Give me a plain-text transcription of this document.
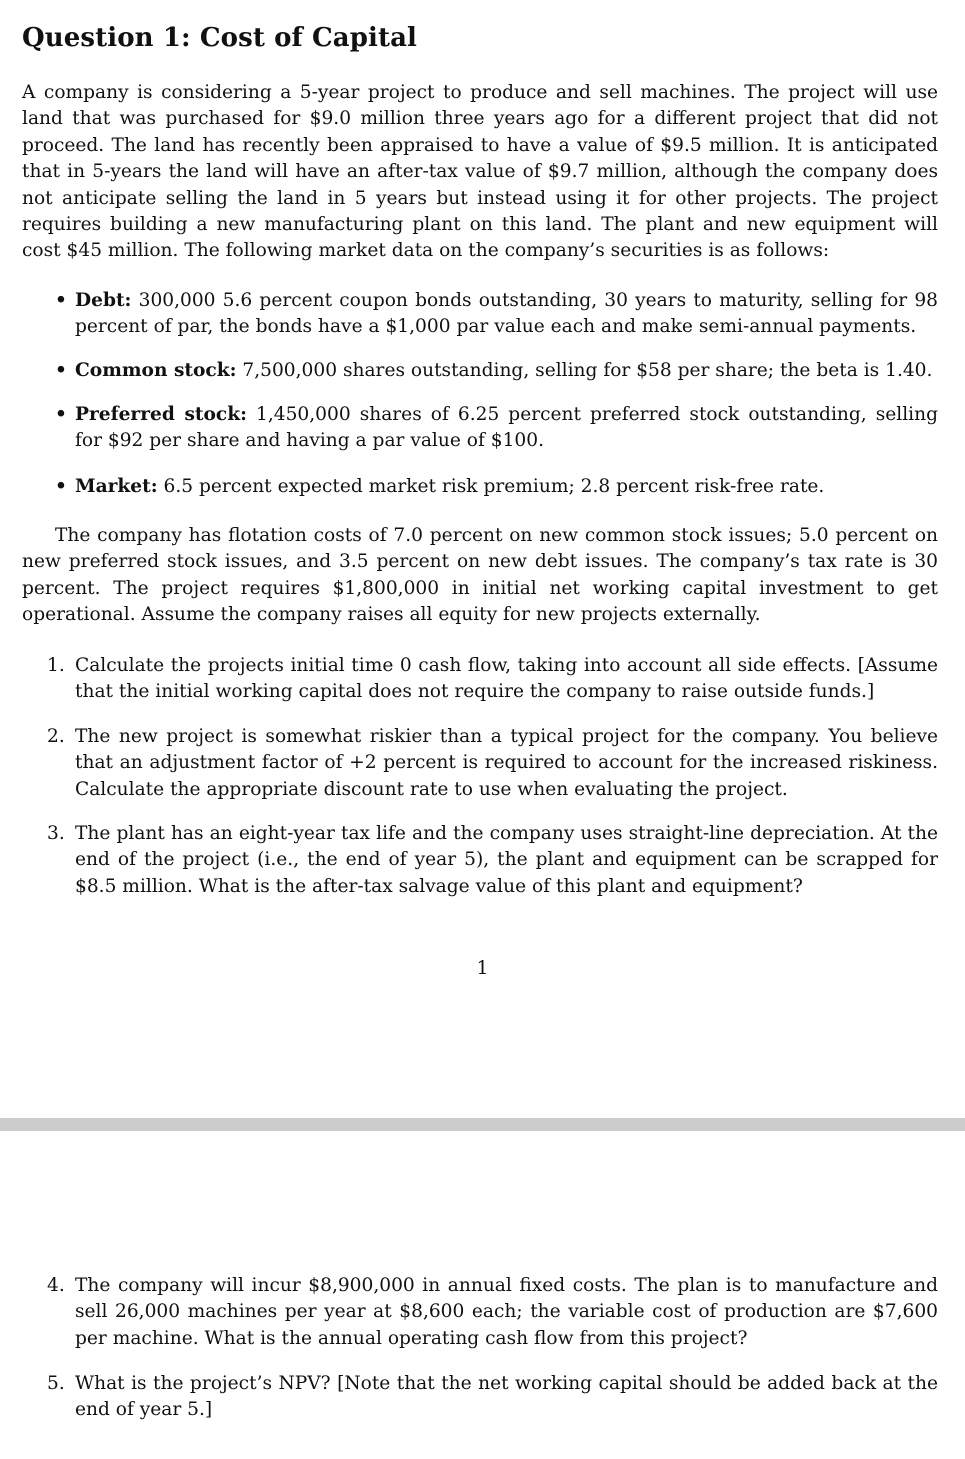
Question 1: Cost of Capital

A company is considering a 5-year project to produce and sell machines. The project will use land that was purchased for $9.0 million three years ago for a different project that did not proceed. The land has recently been appraised to have a value of $9.5 million. It is anticipated that in 5-years the land will have an after-tax value of $9.7 million, although the company does not anticipate selling the land in 5 years but instead using it for other projects. The project requires building a new manufacturing plant on this land. The plant and new equipment will cost $45 million. The following market data on the company’s securities is as follows:

• Debt: 300,000 5.6 percent coupon bonds outstanding, 30 years to maturity, selling for 98 percent of par, the bonds have a $1,000 par value each and make semi-annual payments.
• Common stock: 7,500,000 shares outstanding, selling for $58 per share; the beta is 1.40.
• Preferred stock: 1,450,000 shares of 6.25 percent preferred stock outstanding, selling for $92 per share and having a par value of $100.
• Market: 6.5 percent expected market risk premium; 2.8 percent risk-free rate.

The company has flotation costs of 7.0 percent on new common stock issues; 5.0 percent on new preferred stock issues, and 3.5 percent on new debt issues. The company’s tax rate is 30 percent. The project requires $1,800,000 in initial net working capital investment to get operational. Assume the company raises all equity for new projects externally.

1. Calculate the projects initial time 0 cash flow, taking into account all side effects. [Assume that the initial working capital does not require the company to raise outside funds.]
2. The new project is somewhat riskier than a typical project for the company. You believe that an adjustment factor of +2 percent is required to account for the increased riskiness. Calculate the appropriate discount rate to use when evaluating the project.
3. The plant has an eight-year tax life and the company uses straight-line depreciation. At the end of the project (i.e., the end of year 5), the plant and equipment can be scrapped for $8.5 million. What is the after-tax salvage value of this plant and equipment?
1
4. The company will incur $8,900,000 in annual fixed costs. The plan is to manufacture and sell 26,000 machines per year at $8,600 each; the variable cost of production are $7,600 per machine. What is the annual operating cash flow from this project?
5. What is the project’s NPV? [Note that the net working capital should be added back at the end of year 5.]
